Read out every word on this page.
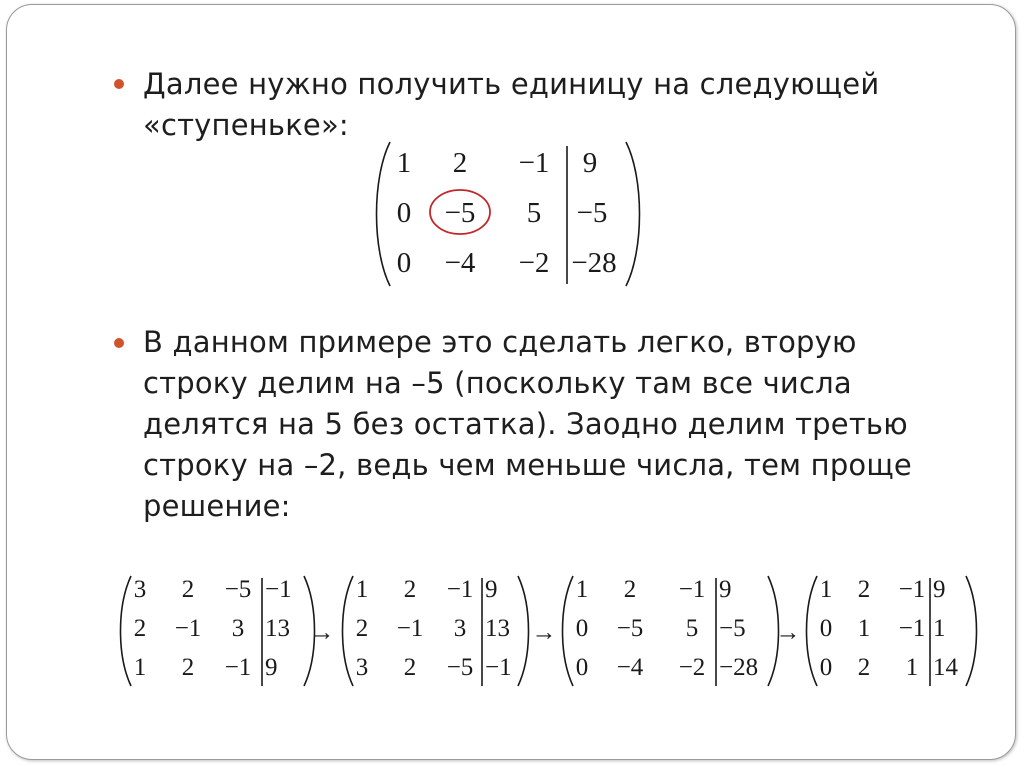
Далее нужно получить единицу на следующей
«ступеньке»:
1 2 −1 9
0 −5 5 −5
0 −4 −2 −28
В данном примере это сделать легко, вторую
строку делим на –5 (поскольку там все числа
делятся на 5 без остатка). Заодно делим третью
строку на –2, ведь чем меньше числа, тем проще
решение:
3 2 −5 −1
2 −1 3 13
1 2 −1 9
1 2 −1 9
2 −1 3 13
3 2 −5 −1
1 2 −1 9
0 −5 5 −5
0 −4 −2 −28
1 2 −1 9
0 1 −1 1
0 2 1 14
→	→	→
